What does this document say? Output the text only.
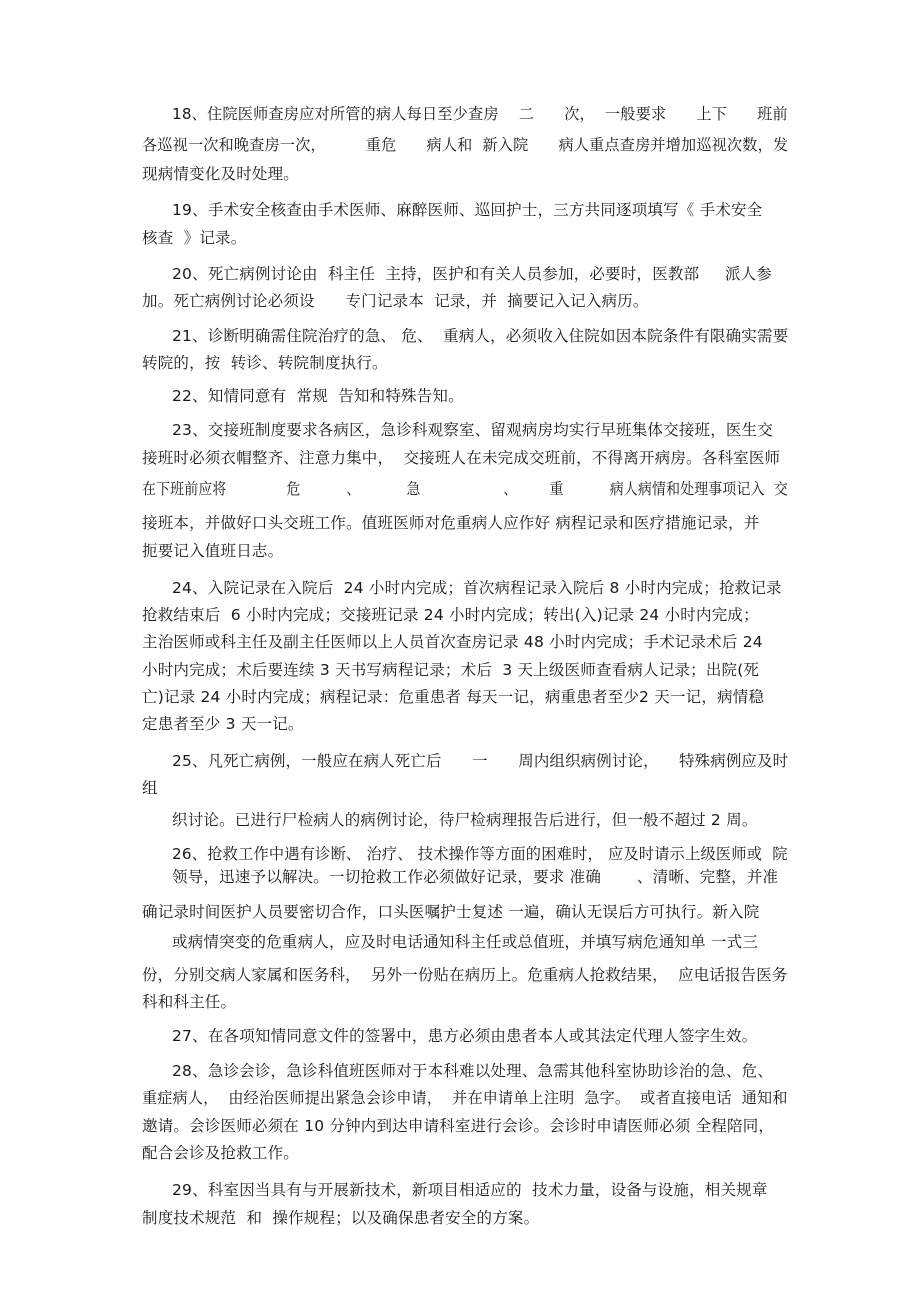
18、住院医师查房应对所管的病人每日至少查房    二      次，  一般要求      上下      班前
各巡视一次和晚查房一次，        重危      病人和  新入院      病人重点查房并增加巡视次数，发
现病情变化及时处理。
19、手术安全核查由手术医师、麻醉医师、巡回护士，三方共同逐项填写《 手术安全
核查  》记录。
20、死亡病例讨论由  科主任  主持，医护和有关人员参加，必要时，医教部     派人参
加。死亡病例讨论必须设      专门记录本  记录，并  摘要记入记入病历。
21、诊断明确需住院治疗的急、 危、  重病人，必须收入住院如因本院条件有限确实需要
转院的，按  转诊、转院制度执行。
22、知情同意有  常规  告知和特殊告知。
23、交接班制度要求各病区，急诊科观察室、留观病房均实行早班集体交接班，医生交
接班时必须衣帽整齐、注意力集中，  交接班人在未完成交班前，不得离开病房。各科室医师
在下班前应将             危          、          急                  、       重          病人病情和处理事项记入  交
接班本，并做好口头交班工作。值班医师对危重病人应作好 病程记录和医疗措施记录，并
扼要记入值班日志。
24、入院记录在入院后  24 小时内完成；首次病程记录入院后 8 小时内完成；抢救记录
抢救结束后  6 小时内完成；交接班记录 24 小时内完成；转出(入)记录 24 小时内完成；
主治医师或科主任及副主任医师以上人员首次查房记录 48 小时内完成；手术记录术后 24
小时内完成；术后要连续 3 天书写病程记录；术后  3 天上级医师查看病人记录；出院(死
亡)记录 24 小时内完成；病程记录：危重患者 每天一记，病重患者至少2 天一记，病情稳
定患者至少 3 天一记。
25、凡死亡病例，一般应在病人死亡后      一      周内组织病例讨论，    特殊病例应及时
组
织讨论。已进行尸检病人的病例讨论，待尸检病理报告后进行，但一般不超过 2 周。
26、抢救工作中遇有诊断、 治疗、 技术操作等方面的困难时， 应及时请示上级医师或  院
领导，迅速予以解决。一切抢救工作必须做好记录，要求 准确       、清晰、完整，并准
确记录时间医护人员要密切合作，口头医嘱护士复述 一遍，确认无误后方可执行。新入院
或病情突变的危重病人，应及时电话通知科主任或总值班，并填写病危通知单 一式三
份，分别交病人家属和医务科，  另外一份贴在病历上。危重病人抢救结果，  应电话报告医务
科和科主任。
27、在各项知情同意文件的签署中，患方必须由患者本人或其法定代理人签字生效。
28、急诊会诊，急诊科值班医师对于本科难以处理、急需其他科室协助诊治的急、危、
重症病人，  由经治医师提出紧急会诊申请，  并在申请单上注明  急字。  或者直接电话  通知和
邀请。会诊医师必须在 10 分钟内到达申请科室进行会诊。会诊时申请医师必须 全程陪同，
配合会诊及抢救工作。
29、科室因当具有与开展新技术，新项目相适应的  技术力量，设备与设施，相关规章
制度技术规范  和  操作规程；以及确保患者安全的方案。
